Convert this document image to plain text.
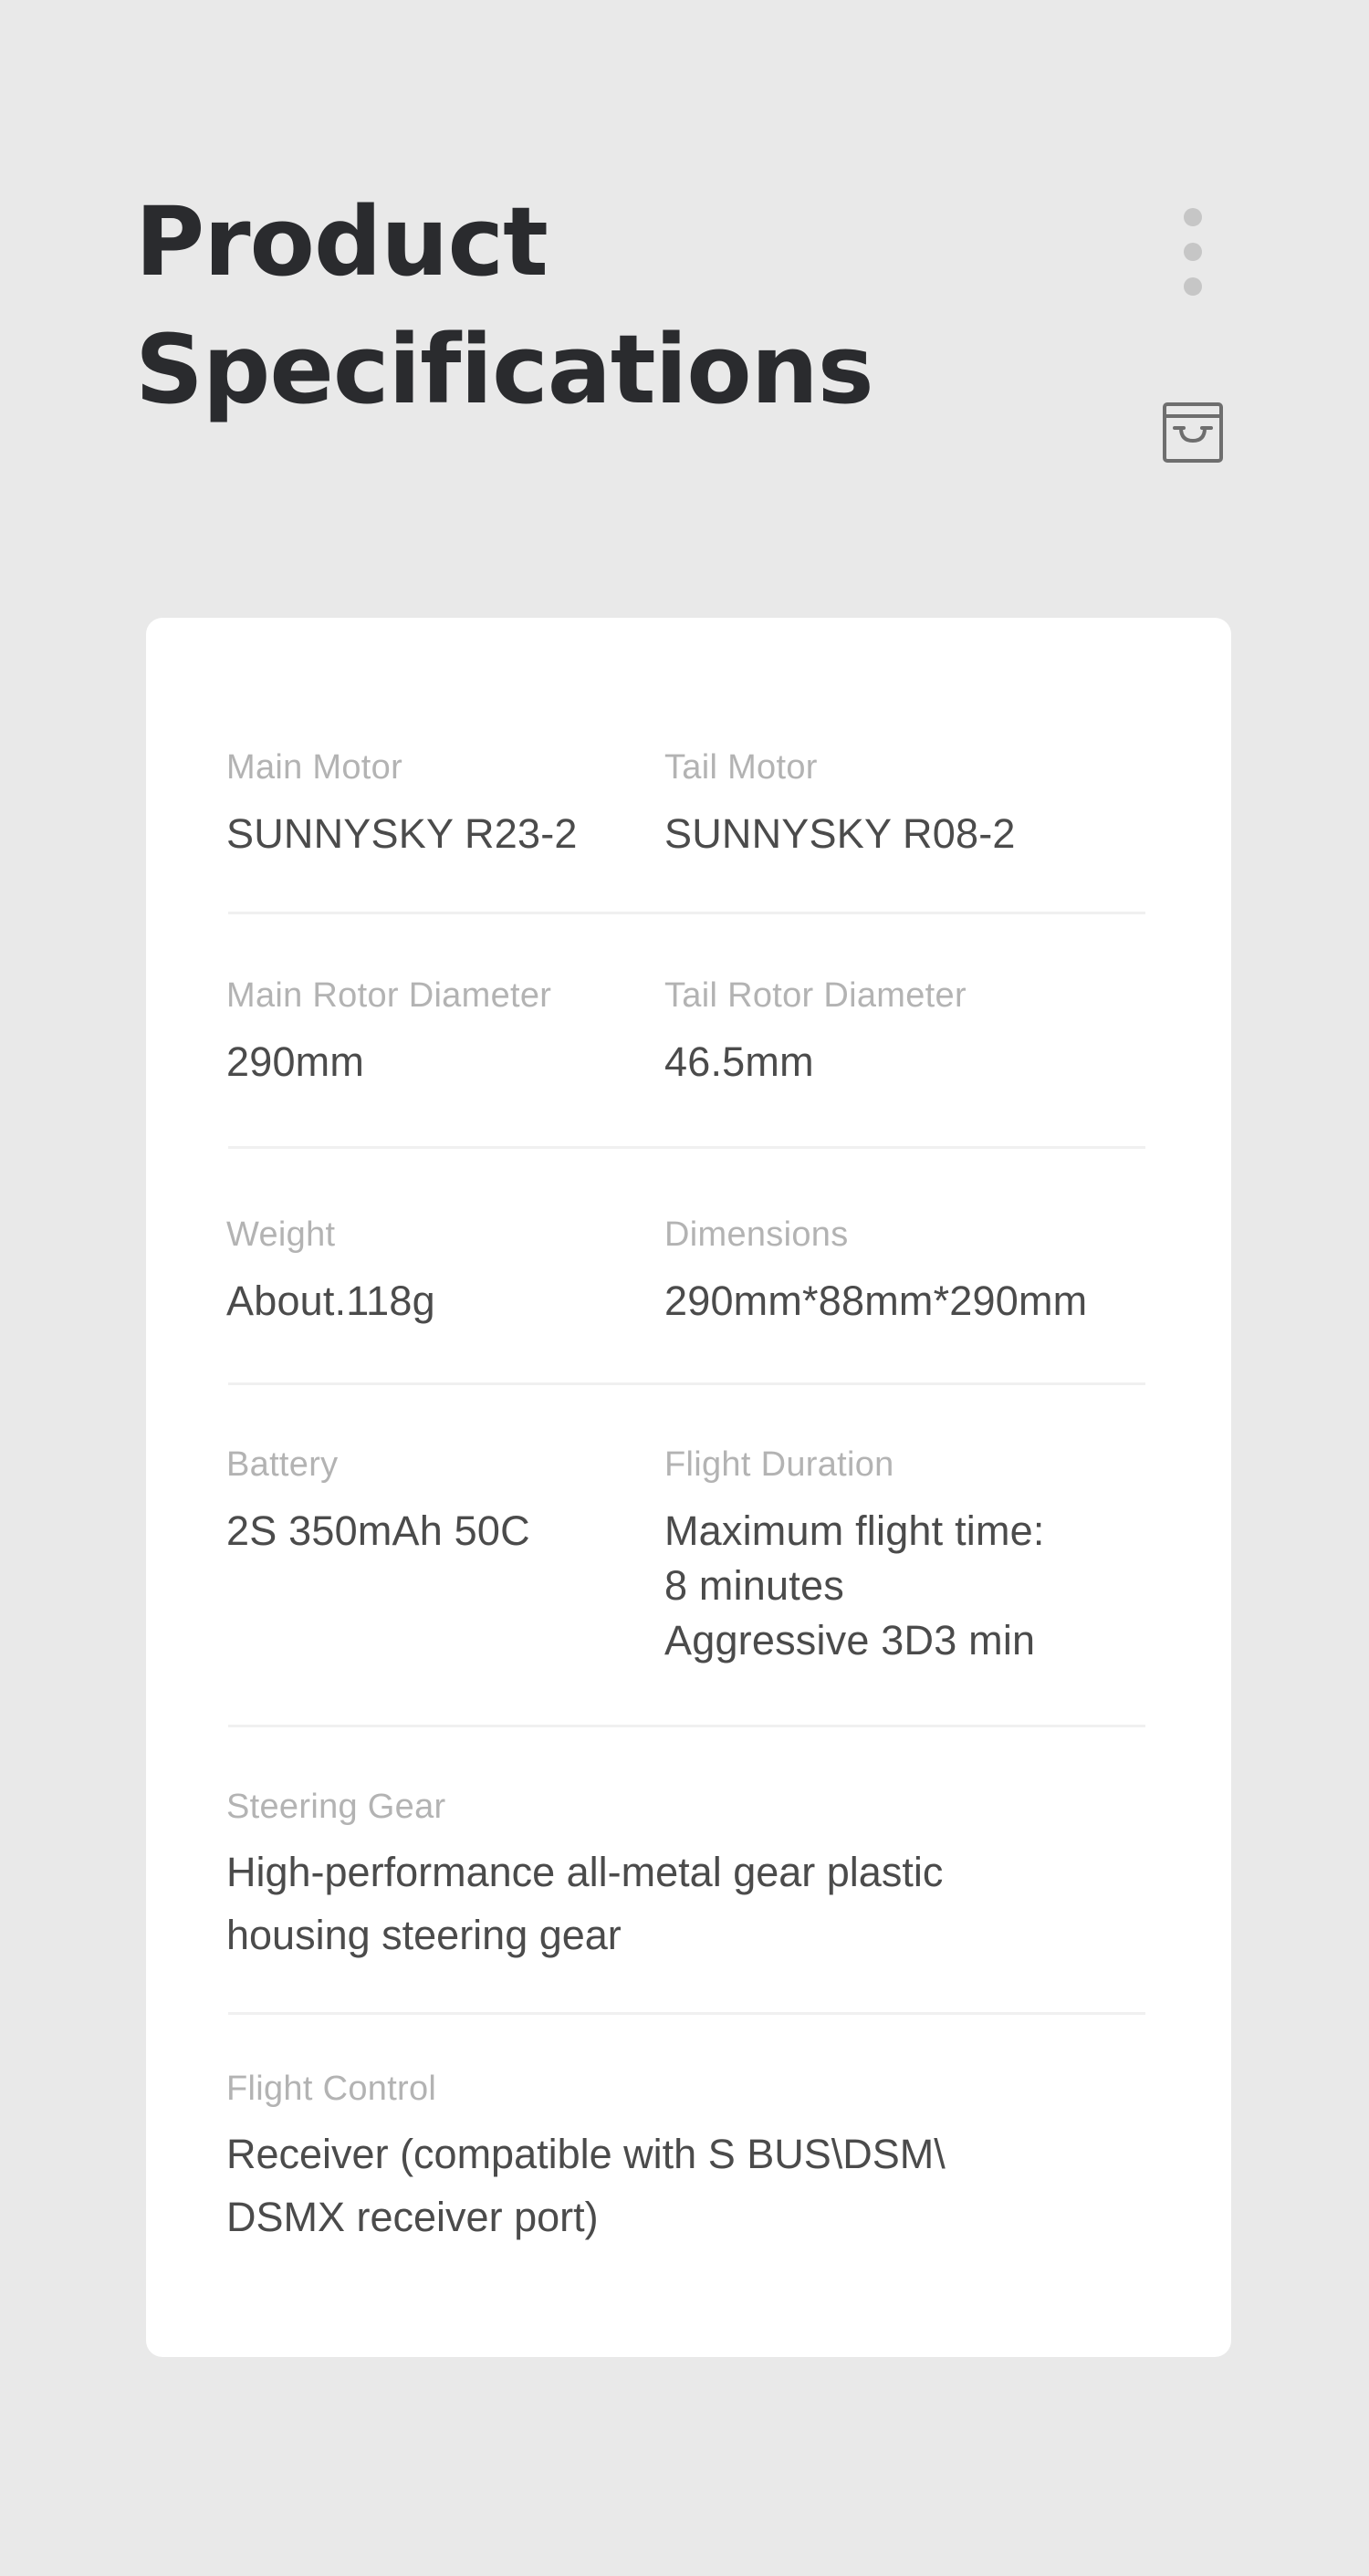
Product
Specifications
Main Motor
SUNNYSKY R23-2
Tail Motor
SUNNYSKY R08-2
Main Rotor Diameter
290mm
Tail Rotor Diameter
46.5mm
Weight
About.118g
Dimensions
290mm*88mm*290mm
Battery
2S 350mAh 50C
Flight Duration
Maximum flight time:
8 minutes
Aggressive 3D3 min
Steering Gear
High-performance all-metal gear plastic
housing steering gear
Flight Control
Receiver (compatible with S BUS\DSM\
DSMX receiver port)
